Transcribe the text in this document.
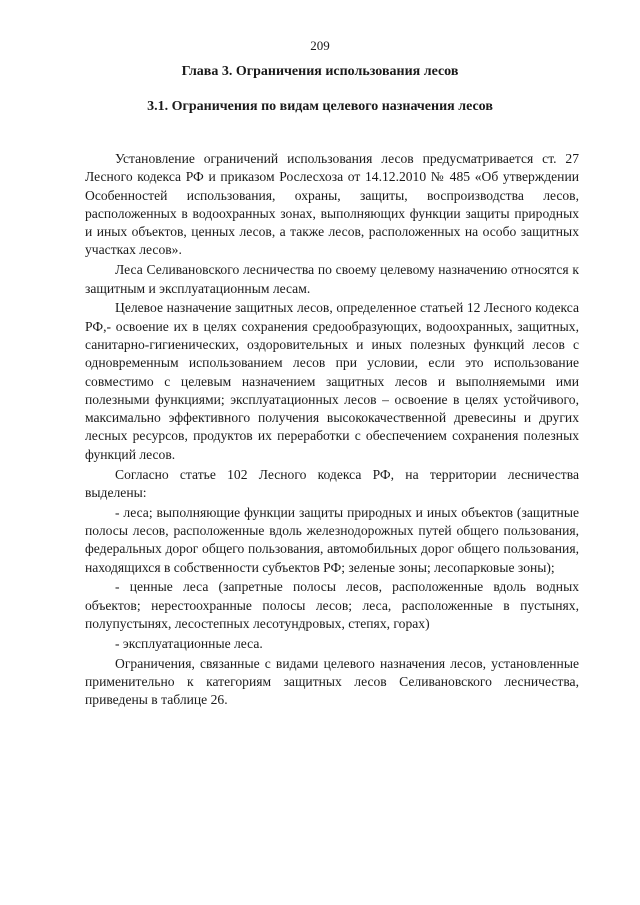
209
Глава 3. Ограничения использования лесов
3.1. Ограничения по видам целевого назначения лесов

Установление ограничений использования лесов предусматривается ст. 27 Лесного кодекса РФ и приказом Рослесхоза от 14.12.2010 № 485 «Об утверждении Особенностей использования, охраны, защиты, воспроизводства лесов, расположенных в водоохранных зонах, выполняющих функции защиты природных и иных объектов, ценных лесов, а также лесов, расположенных на особо защитных участках лесов».

Леса Селивановского лесничества по своему целевому назначению относятся к защитным и эксплуатационным лесам.

Целевое назначение защитных лесов, определенное статьей 12 Лесного кодекса РФ,- освоение их в целях сохранения средообразующих, водоохранных, защитных, санитарно-гигиенических, оздоровительных и иных полезных функций лесов с одновременным использованием лесов при условии, если это использование совместимо с целевым назначением защитных лесов и выполняемыми ими полезными функциями; эксплуатационных лесов – освоение в целях устойчивого, максимально эффективного получения высококачественной древесины и других лесных ресурсов, продуктов их переработки с обеспечением сохранения полезных функций лесов.

Согласно статье 102 Лесного кодекса РФ, на территории лесничества выделены:

- леса; выполняющие функции защиты природных и иных объектов (защитные полосы лесов, расположенные вдоль железнодорожных путей общего пользования, федеральных дорог общего пользования, автомобильных дорог общего пользования, находящихся в собственности субъектов РФ; зеленые зоны; лесопарковые зоны);

- ценные леса (запретные полосы лесов, расположенные вдоль водных объектов; нерестоохранные полосы лесов; леса, расположенные в пустынях, полупустынях, лесостепных лесотундровых, степях, горах)

- эксплуатационные леса.

Ограничения, связанные с видами целевого назначения лесов, установленные применительно к категориям защитных лесов Селивановского лесничества, приведены в таблице 26.
